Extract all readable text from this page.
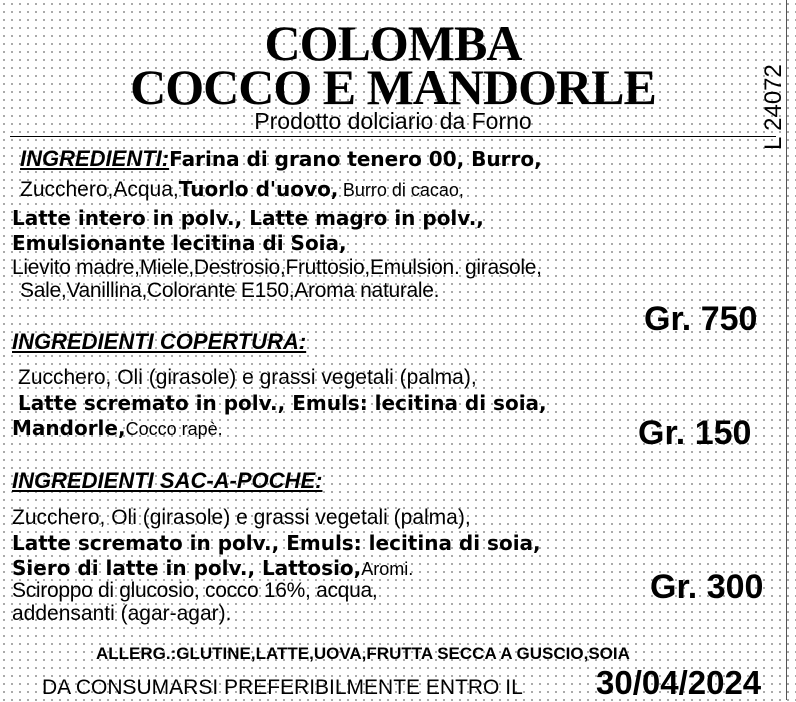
COLOMBA
COCCO E MANDORLE
Prodotto dolciario da Forno	L 24072
INGREDIENTI:Farina di grano tenero 00, Burro,
Zucchero,Acqua,Tuorlo d'uovo, Burro di cacao,
Latte intero in polv., Latte magro in polv.,
Emulsionante lecitina di Soia,
Lievito madre,Miele,Destrosio,Fruttosio,Emulsion. girasole,
Sale,Vanillina,Colorante E150,Aroma naturale.
Gr. 750
INGREDIENTI COPERTURA:
Zucchero, Oli (girasole) e grassi vegetali (palma),
Latte scremato in polv., Emuls: lecitina di soia,
Mandorle,Cocco rapè.	Gr. 150
INGREDIENTI SAC-A-POCHE:
Zucchero, Oli (girasole) e grassi vegetali (palma),
Latte scremato in polv., Emuls: lecitina di soia,
Siero di latte in polv., Lattosio,Aromi.
Sciroppo di glucosio, cocco 16%, acqua,
addensanti (agar-agar).
Gr. 300
ALLERG.:GLUTINE,LATTE,UOVA,FRUTTA SECCA A GUSCIO,SOIA
DA CONSUMARSI PREFERIBILMENTE ENTRO IL 30/04/2024
